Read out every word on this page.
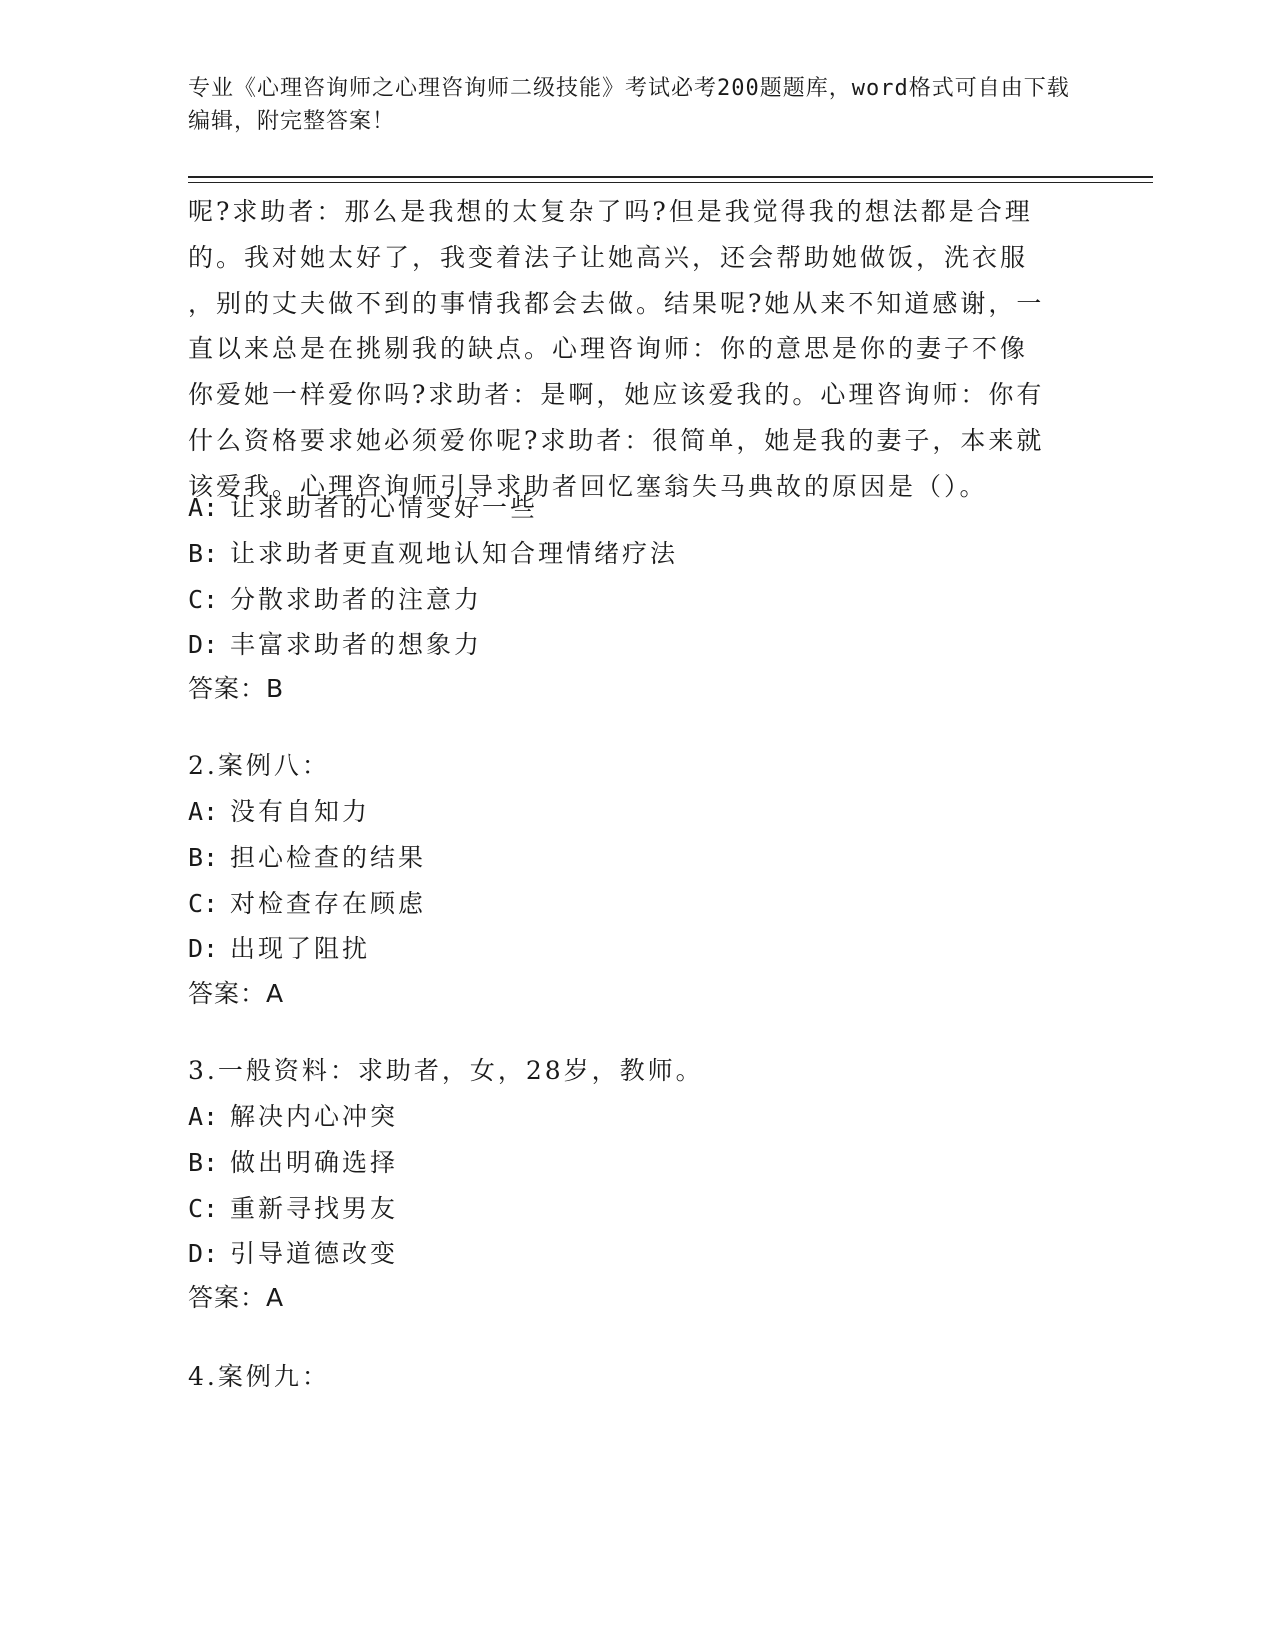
专业《心理咨询师之心理咨询师二级技能》考试必考200题题库，word格式可自由下载编辑，附完整答案！

呢?求助者：那么是我想的太复杂了吗?但是我觉得我的想法都是合理

的。我对她太好了，我变着法子让她高兴，还会帮助她做饭，洗衣服

，别的丈夫做不到的事情我都会去做。结果呢?她从来不知道感谢，一

直以来总是在挑剔我的缺点。心理咨询师：你的意思是你的妻子不像

你爱她一样爱你吗?求助者：是啊，她应该爱我的。心理咨询师：你有

什么资格要求她必须爱你呢?求助者：很简单，她是我的妻子，本来就

该爱我。心理咨询师引导求助者回忆塞翁失马典故的原因是（）。

A: 让求助者的心情变好一些
B: 让求助者更直观地认知合理情绪疗法
C: 分散求助者的注意力
D: 丰富求助者的想象力
答案：B
2.案例八：
A: 没有自知力
B: 担心检查的结果
C: 对检查存在顾虑
D: 出现了阻扰
答案：A
3.一般资料：求助者，女，28岁，教师。
A: 解决内心冲突
B: 做出明确选择
C: 重新寻找男友
D: 引导道德改变
答案：A
4.案例九：
